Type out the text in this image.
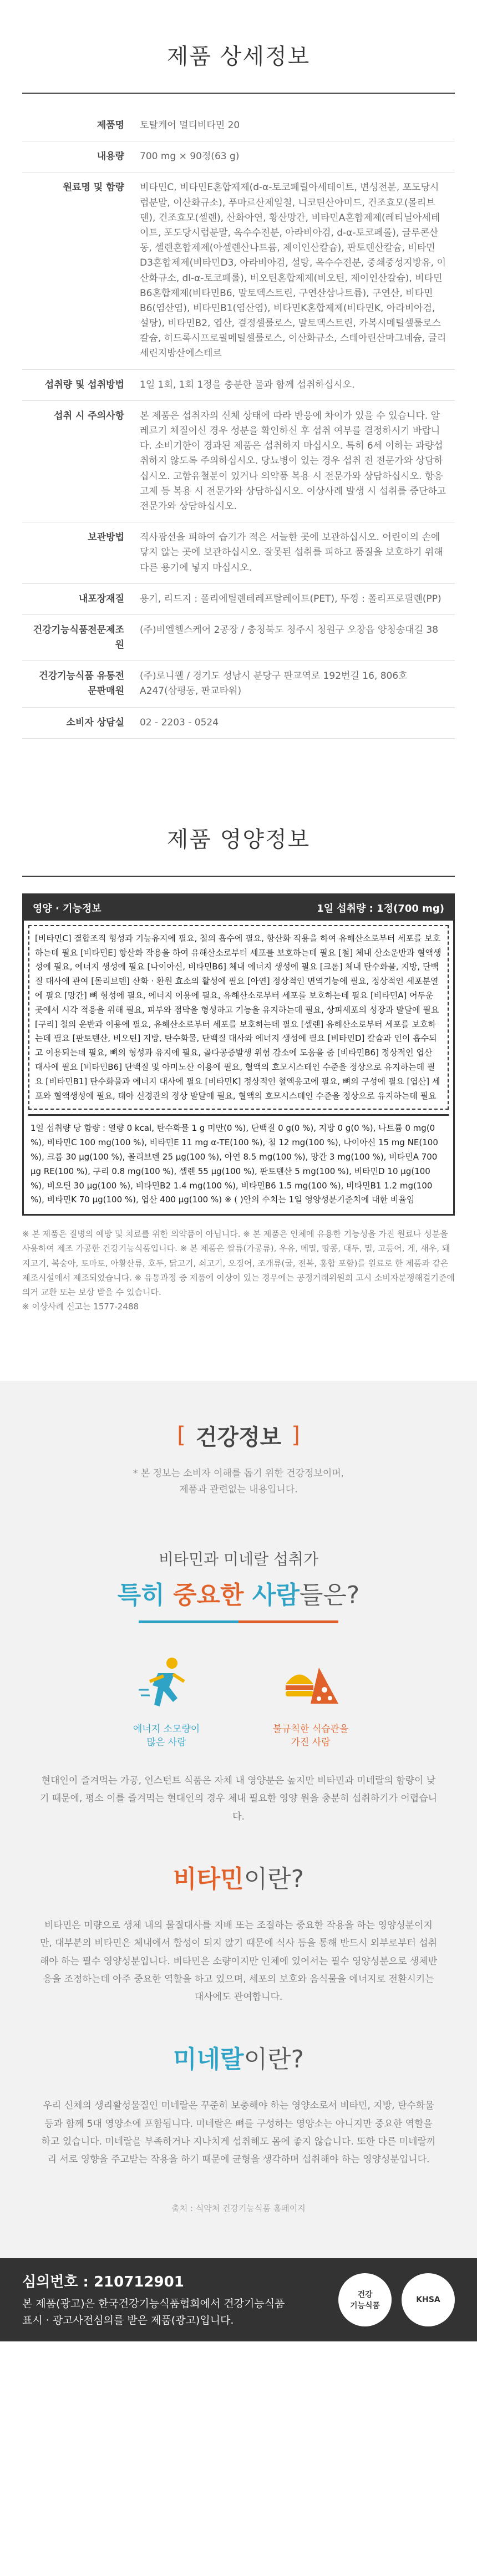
제품 상세정보
제품명	토탈케어 멀티비타민 20
내용량	700 mg × 90정(63 g)
원료명 및 함량	비타민C, 비타민E혼합제제(d-α-토코페릴아세테이트, 변성전분, 포도당시럽분말, 이산화규소), 푸마르산제일철, 니코틴산아미드, 건조효모(몰리브덴), 건조효모(셀렌), 산화아연, 황산망간, 비타민A혼합제제(레티닐아세테이트, 포도당시럽분말, 옥수수전분, 아라비아검, d-α-토코페롤), 글루콘산동, 셀렌혼합제제(아셀렌산나트륨, 제이인산칼슘), 판토텐산칼슘, 비타민D3혼합제제(비타민D3, 아라비아검, 설탕, 옥수수전분, 중쇄중성지방유, 이산화규소, dl-α-토코페롤), 비오틴혼합제제(비오틴, 제이인산칼슘), 비타민B6혼합제제(비타민B6, 말토덱스트린, 구연산삼나트륨), 구연산, 비타민B6(염산염), 비타민B1(염산염), 비타민K혼합제제(비타민K, 아라비아검, 설탕), 비타민B2, 엽산, 결정셀룰로스, 말토덱스트린, 카복시메틸셀룰로스칼슘, 히드록시프로필메틸셀룰로스, 이산화규소, 스테아린산마그네슘, 글리세린지방산에스테르
섭취량 및 섭취방법	1일 1회, 1회 1정을 충분한 물과 함께 섭취하십시오.
섭취 시 주의사항	본 제품은 섭취자의 신체 상태에 따라 반응에 차이가 있을 수 있습니다. 알레르기 체질이신 경우 성분을 확인하신 후 섭취 여부를 결정하시기 바랍니다. 소비기한이 경과된 제품은 섭취하지 마십시오. 특히 6세 이하는 과량섭취하지 않도록 주의하십시오. 당뇨병이 있는 경우 섭취 전 전문가와 상담하십시오. 고함유철분이 있거나 의약품 복용 시 전문가와 상담하십시오. 항응고제 등 복용 시 전문가와 상담하십시오. 이상사례 발생 시 섭취를 중단하고 전문가와 상담하십시오.
보관방법	직사광선을 피하여 습기가 적은 서늘한 곳에 보관하십시오. 어린이의 손에 닿지 않는 곳에 보관하십시오. 잘못된 섭취를 피하고 품질을 보호하기 위해 다른 용기에 넣지 마십시오.
내포장재질	용기, 리드지 : 폴리에틸렌테레프탈레이트(PET), 뚜껑 : 폴리프로필렌(PP)
건강기능식품전문제조원	(주)비엘헬스케어 2공장 / 충청북도 청주시 청원구 오창읍 양청송대길 38
건강기능식품 유통전문판매원	(주)로니웰 / 경기도 성남시 분당구 판교역로 192번길 16, 806호 A247(삼평동, 판교타워)
소비자 상담실	02 - 2203 - 0524
제품 영양정보
영양 · 기능정보	1일 섭취량 : 1정(700 mg)
[비타민C] 결합조직 형성과 기능유지에 필요, 철의 흡수에 필요, 항산화 작용을 하여 유해산소로부터 세포를 보호하는데 필요 [비타민E] 항산화 작용을 하여 유해산소로부터 세포를 보호하는데 필요 [철] 체내 산소운반과 혈액생성에 필요, 에너지 생성에 필요 [나이아신, 비타민B6] 체내 에너지 생성에 필요 [크롬] 체내 탄수화물, 지방, 단백질 대사에 관여 [몰리브덴] 산화 · 환원 효소의 활성에 필요 [아연] 정상적인 면역기능에 필요, 정상적인 세포분열에 필요 [망간] 뼈 형성에 필요, 에너지 이용에 필요, 유해산소로부터 세포를 보호하는데 필요 [비타민A] 어두운 곳에서 시각 적응을 위해 필요, 피부와 점막을 형성하고 기능을 유지하는데 필요, 상피세포의 성장과 발달에 필요 [구리] 철의 운반과 이용에 필요, 유해산소로부터 세포를 보호하는데 필요 [셀렌] 유해산소로부터 세포를 보호하는데 필요 [판토텐산, 비오틴] 지방, 탄수화물, 단백질 대사와 에너지 생성에 필요 [비타민D] 칼슘과 인이 흡수되고 이용되는데 필요, 뼈의 형성과 유지에 필요, 골다공증발생 위험 감소에 도움을 줌 [비타민B6] 정상적인 엽산 대사에 필요 [비타민B6] 단백질 및 아미노산 이용에 필요, 혈액의 호모시스테인 수준을 정상으로 유지하는데 필요 [비타민B1] 탄수화물과 에너지 대사에 필요 [비타민K] 정상적인 혈액응고에 필요, 뼈의 구성에 필요 [엽산] 세포와 혈액생성에 필요, 태아 신경관의 정상 발달에 필요, 혈액의 호모시스테인 수준을 정상으로 유지하는데 필요
1일 섭취량 당 함량 : 열량 0 kcal, 탄수화물 1 g 미만(0 %), 단백질 0 g(0 %), 지방 0 g(0 %), 나트륨 0 mg(0 %), 비타민C 100 mg(100 %), 비타민E 11 mg α-TE(100 %), 철 12 mg(100 %), 나이아신 15 mg NE(100 %), 크롬 30 μg(100 %), 몰리브덴 25 μg(100 %), 아연 8.5 mg(100 %), 망간 3 mg(100 %), 비타민A 700 μg RE(100 %), 구리 0.8 mg(100 %), 셀렌 55 μg(100 %), 판토텐산 5 mg(100 %), 비타민D 10 μg(100 %), 비오틴 30 μg(100 %), 비타민B2 1.4 mg(100 %), 비타민B6 1.5 mg(100 %), 비타민B1 1.2 mg(100 %), 비타민K 70 μg(100 %), 엽산 400 μg(100 %) ※ ( )안의 수치는 1일 영양성분기준치에 대한 비율임
※ 본 제품은 질병의 예방 및 치료를 위한 의약품이 아닙니다. ※ 본 제품은 인체에 유용한 기능성을 가진 원료나 성분을 사용하여 제조 가공한 건강기능식품입니다. ※ 본 제품은 쌀류(가공류), 우유, 메밀, 땅콩, 대두, 밀, 고등어, 게, 새우, 돼지고기, 복숭아, 토마토, 아황산류, 호두, 닭고기, 쇠고기, 오징어, 조개류(굴, 전복, 홍합 포함)를 원료로 한 제품과 같은 제조시설에서 제조되었습니다. ※ 유통과정 중 제품에 이상이 있는 경우에는 공정거래위원회 고시 소비자분쟁해결기준에 의거 교환 또는 보상 받을 수 있습니다.
※ 이상사례 신고는 1577-2488
[ 건강정보 ]
* 본 정보는 소비자 이해를 돕기 위한 건강정보이며,
제품과 관련없는 내용입니다.
비타민과 미네랄 섭취가
특히 중요한 사람들은?
에너지 소모량이
많은 사람
불규칙한 식습관을
가진 사람
현대인이 즐겨먹는 가공, 인스턴트 식품은 자체 내 영양분은 높지만 비타민과 미네랄의 함량이 낮기 때문에, 평소 이를 즐겨먹는 현대인의 경우 체내 필요한 영양 원을 충분히 섭취하기가 어렵습니다.
비타민이란?
비타민은 미량으로 생체 내의 물질대사를 지배 또는 조절하는 중요한 작용을 하는 영양성분이지만, 대부분의 비타민은 체내에서 합성이 되지 않기 때문에 식사 등을 통해 반드시 외부로부터 섭취해야 하는 필수 영양성분입니다. 비타민은 소량이지만 인체에 있어서는 필수 영양성분으로 생체반응을 조정하는데 아주 중요한 역할을 하고 있으며, 세포의 보호와 음식물을 에너지로 전환시키는 대사에도 관여합니다.
미네랄이란?
우리 신체의 생리활성물질인 미네랄은 꾸준히 보충해야 하는 영양소로서 비타민, 지방, 탄수화물 등과 함께 5대 영양소에 포함됩니다. 미네랄은 뼈를 구성하는 영양소는 아니지만 중요한 역할을 하고 있습니다. 미네랄을 부족하거나 지나치게 섭취해도 몸에 좋지 않습니다. 또한 다른 미네랄끼리 서로 영향을 주고받는 작용을 하기 때문에 균형을 생각하며 섭취해야 하는 영양성분입니다.
출처 : 식약처 건강기능식품 홈페이지
심의번호 : 210712901
본 제품(광고)은 한국건강기능식품협회에서 건강기능식품
표시 · 광고사전심의를 받은 제품(광고)입니다.
건강
기능식품
KHSA
